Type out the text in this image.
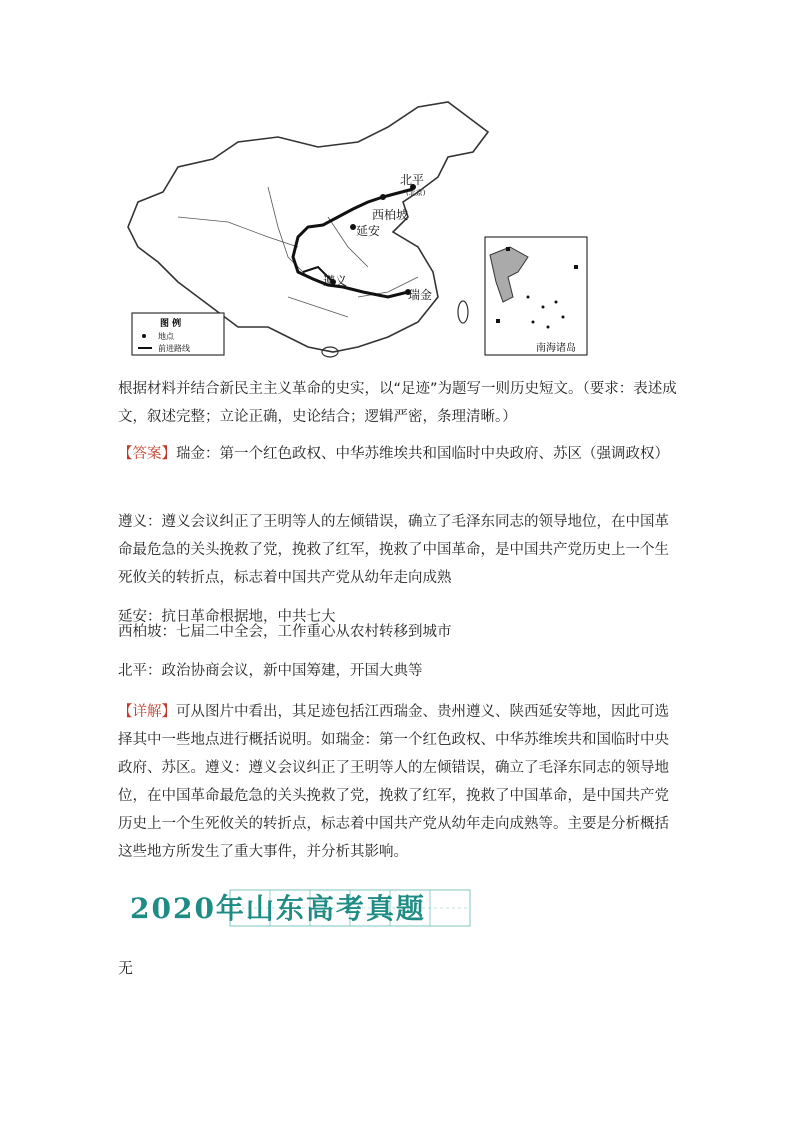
北平
(北京)
西柏坡
延安
遵义
瑞金
图 例
地点
前进路线	南海诸岛

根据材料并结合新民主主义革命的史实，以“足迹”为题写一则历史短文。（要求：表述成文，叙述完整；立论正确，史论结合；逻辑严密，条理清晰。）

【答案】瑞金：第一个红色政权、中华苏维埃共和国临时中央政府、苏区（强调政权）

遵义：遵义会议纠正了王明等人的左倾错误，确立了毛泽东同志的领导地位，在中国革命最危急的关头挽救了党，挽救了红军，挽救了中国革命，是中国共产党历史上一个生死攸关的转折点，标志着中国共产党从幼年走向成熟

延安：抗日革命根据地，中共七大

西柏坡：七届二中全会，工作重心从农村转移到城市

北平：政治协商会议，新中国筹建，开国大典等

【详解】可从图片中看出，其足迹包括江西瑞金、贵州遵义、陕西延安等地，因此可选择其中一些地点进行概括说明。如瑞金：第一个红色政权、中华苏维埃共和国临时中央政府、苏区。遵义：遵义会议纠正了王明等人的左倾错误，确立了毛泽东同志的领导地位，在中国革命最危急的关头挽救了党，挽救了红军，挽救了中国革命，是中国共产党历史上一个生死攸关的转折点，标志着中国共产党从幼年走向成熟等。主要是分析概括这些地方所发生了重大事件，并分析其影响。

2020年山东高考真题

无
